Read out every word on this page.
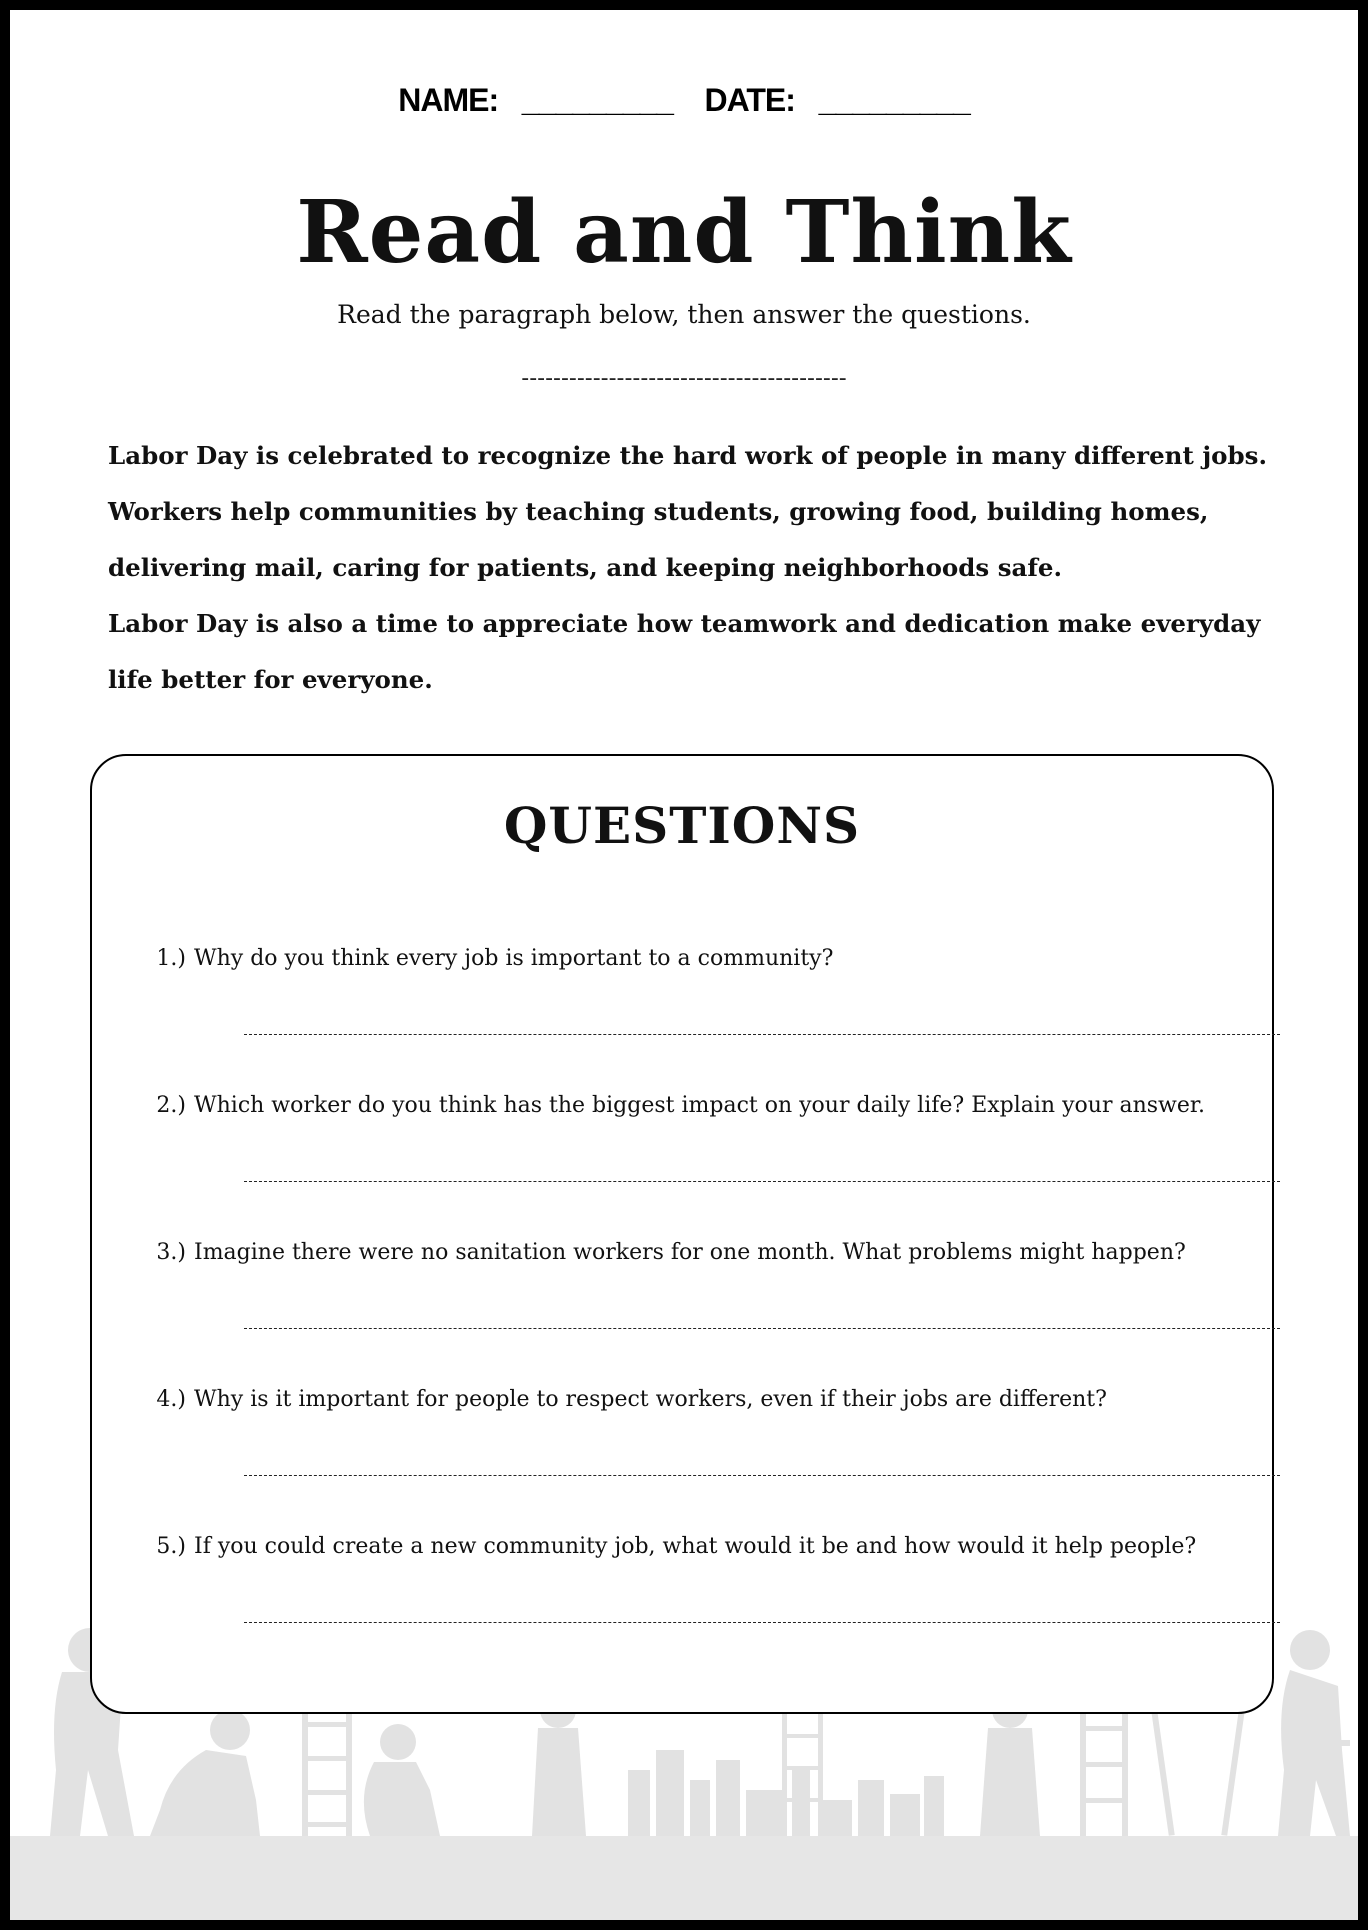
NAME: _________ DATE: _________
Read and Think
Read the paragraph below, then answer the questions.
-----------------------------------------

Labor Day is celebrated to recognize the hard work of people in many different jobs.

Workers help communities by teaching students, growing food, building homes,

delivering mail, caring for patients, and keeping neighborhoods safe.

Labor Day is also a time to appreciate how teamwork and dedication make everyday

life better for everyone.

QUESTIONS
1.) Why do you think every job is important to a community?
2.) Which worker do you think has the biggest impact on your daily life? Explain your answer.
3.) Imagine there were no sanitation workers for one month. What problems might happen?
4.) Why is it important for people to respect workers, even if their jobs are different?
5.) If you could create a new community job, what would it be and how would it help people?
